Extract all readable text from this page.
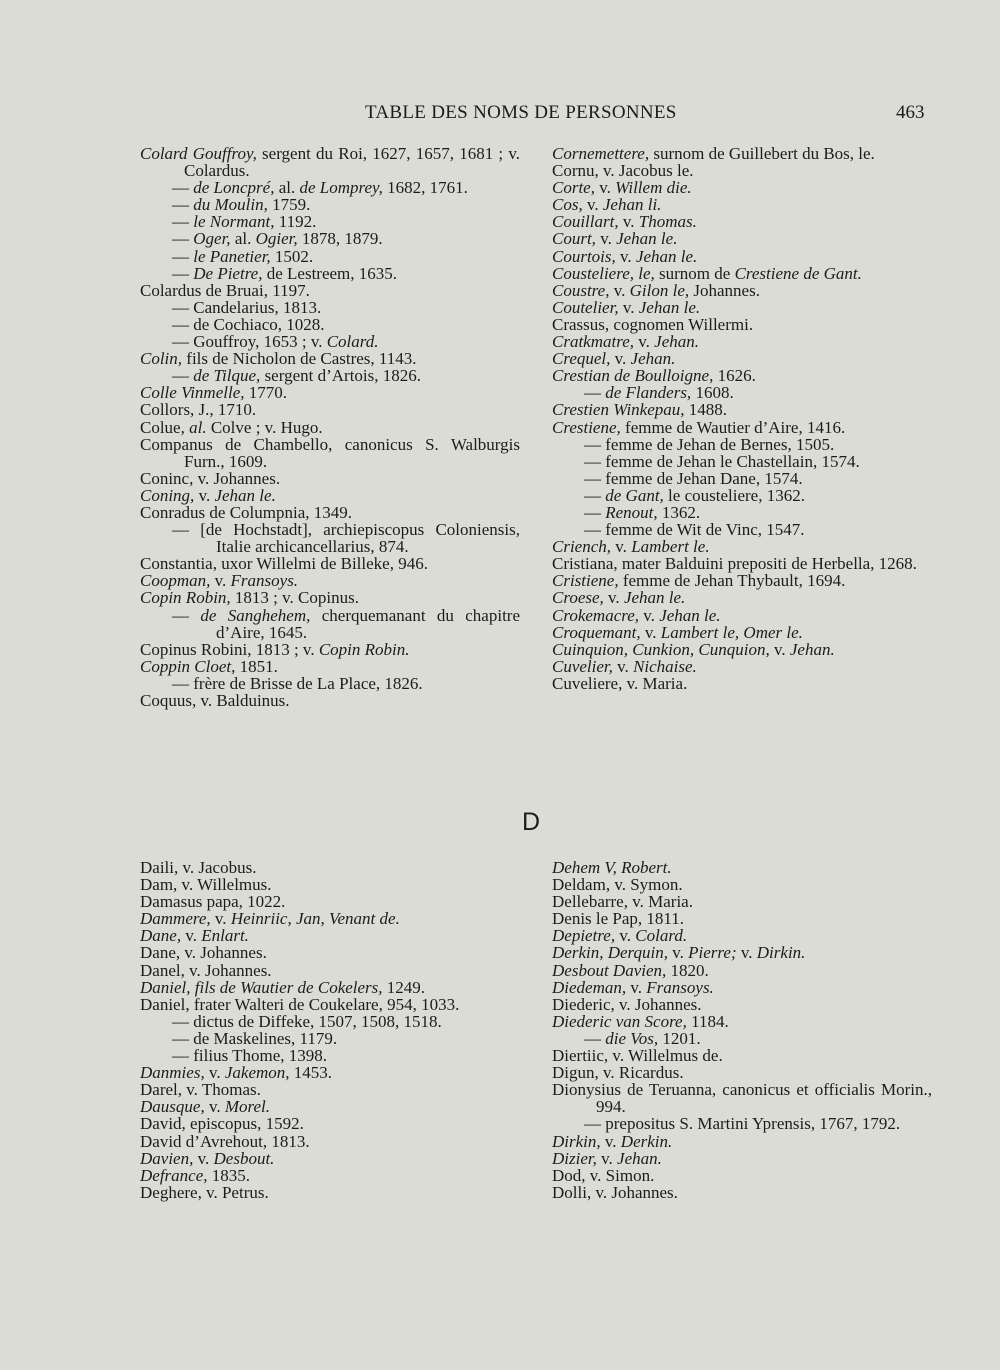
TABLE DES NOMS DE PERSONNES	463

Colard Gouffroy, sergent du Roi, 1627, 1657, 1681 ; v. Colardus.

— de Loncpré, al. de Lomprey, 1682, 1761.

— du Moulin, 1759.

— le Normant, 1192.

— Oger, al. Ogier, 1878, 1879.

— le Panetier, 1502.

— De Pietre, de Lestreem, 1635.

Colardus de Bruai, 1197.

— Candelarius, 1813.

— de Cochiaco, 1028.

— Gouffroy, 1653 ; v. Colard.

Colin, fils de Nicholon de Castres, 1143.

— de Tilque, sergent d’Artois, 1826.

Colle Vinmelle, 1770.

Collors, J., 1710.

Colue, al. Colve ; v. Hugo.

Companus de Chambello, canonicus S. Walburgis Furn., 1609.

Coninc, v. Johannes.

Coning, v. Jehan le.

Conradus de Columpnia, 1349.

— [de Hochstadt], archiepiscopus Coloniensis, Italie archicancellarius, 874.

Constantia, uxor Willelmi de Billeke, 946.

Coopman, v. Fransoys.

Copin Robin, 1813 ; v. Copinus.

— de Sanghehem, cherquemanant du chapitre d’Aire, 1645.

Copinus Robini, 1813 ; v. Copin Robin.

Coppin Cloet, 1851.

— frère de Brisse de La Place, 1826.

Coquus, v. Balduinus.

Cornemettere, surnom de Guillebert du Bos, le.

Cornu, v. Jacobus le.

Corte, v. Willem die.

Cos, v. Jehan li.

Couillart, v. Thomas.

Court, v. Jehan le.

Courtois, v. Jehan le.

Cousteliere, le, surnom de Crestiene de Gant.

Coustre, v. Gilon le, Johannes.

Coutelier, v. Jehan le.

Crassus, cognomen Willermi.

Cratkmatre, v. Jehan.

Crequel, v. Jehan.

Crestian de Boulloigne, 1626.

— de Flanders, 1608.

Crestien Winkepau, 1488.

Crestiene, femme de Wautier d’Aire, 1416.

— femme de Jehan de Bernes, 1505.

— femme de Jehan le Chastellain, 1574.

— femme de Jehan Dane, 1574.

— de Gant, le cousteliere, 1362.

— Renout, 1362.

— femme de Wit de Vinc, 1547.

Criench, v. Lambert le.

Cristiana, mater Balduini prepositi de Herbella, 1268.

Cristiene, femme de Jehan Thybault, 1694.

Croese, v. Jehan le.

Crokemacre, v. Jehan le.

Croquemant, v. Lambert le, Omer le.

Cuinquion, Cunkion, Cunquion, v. Jehan.

Cuvelier, v. Nichaise.

Cuveliere, v. Maria.

D

Daili, v. Jacobus.

Dam, v. Willelmus.

Damasus papa, 1022.

Dammere, v. Heinriic, Jan, Venant de.

Dane, v. Enlart.

Dane, v. Johannes.

Danel, v. Johannes.

Daniel, fils de Wautier de Cokelers, 1249.

Daniel, frater Walteri de Coukelare, 954, 1033.

— dictus de Diffeke, 1507, 1508, 1518.

— de Maskelines, 1179.

— filius Thome, 1398.

Danmies, v. Jakemon, 1453.

Darel, v. Thomas.

Dausque, v. Morel.

David, episcopus, 1592.

David d’Avrehout, 1813.

Davien, v. Desbout.

Defrance, 1835.

Deghere, v. Petrus.

Dehem V, Robert.

Deldam, v. Symon.

Dellebarre, v. Maria.

Denis le Pap, 1811.

Depietre, v. Colard.

Derkin, Derquin, v. Pierre; v. Dirkin.

Desbout Davien, 1820.

Diedeman, v. Fransoys.

Diederic, v. Johannes.

Diederic van Score, 1184.

— die Vos, 1201.

Diertiic, v. Willelmus de.

Digun, v. Ricardus.

Dionysius de Teruanna, canonicus et officialis Morin., 994.

— prepositus S. Martini Yprensis, 1767, 1792.

Dirkin, v. Derkin.

Dizier, v. Jehan.

Dod, v. Simon.

Dolli, v. Johannes.
